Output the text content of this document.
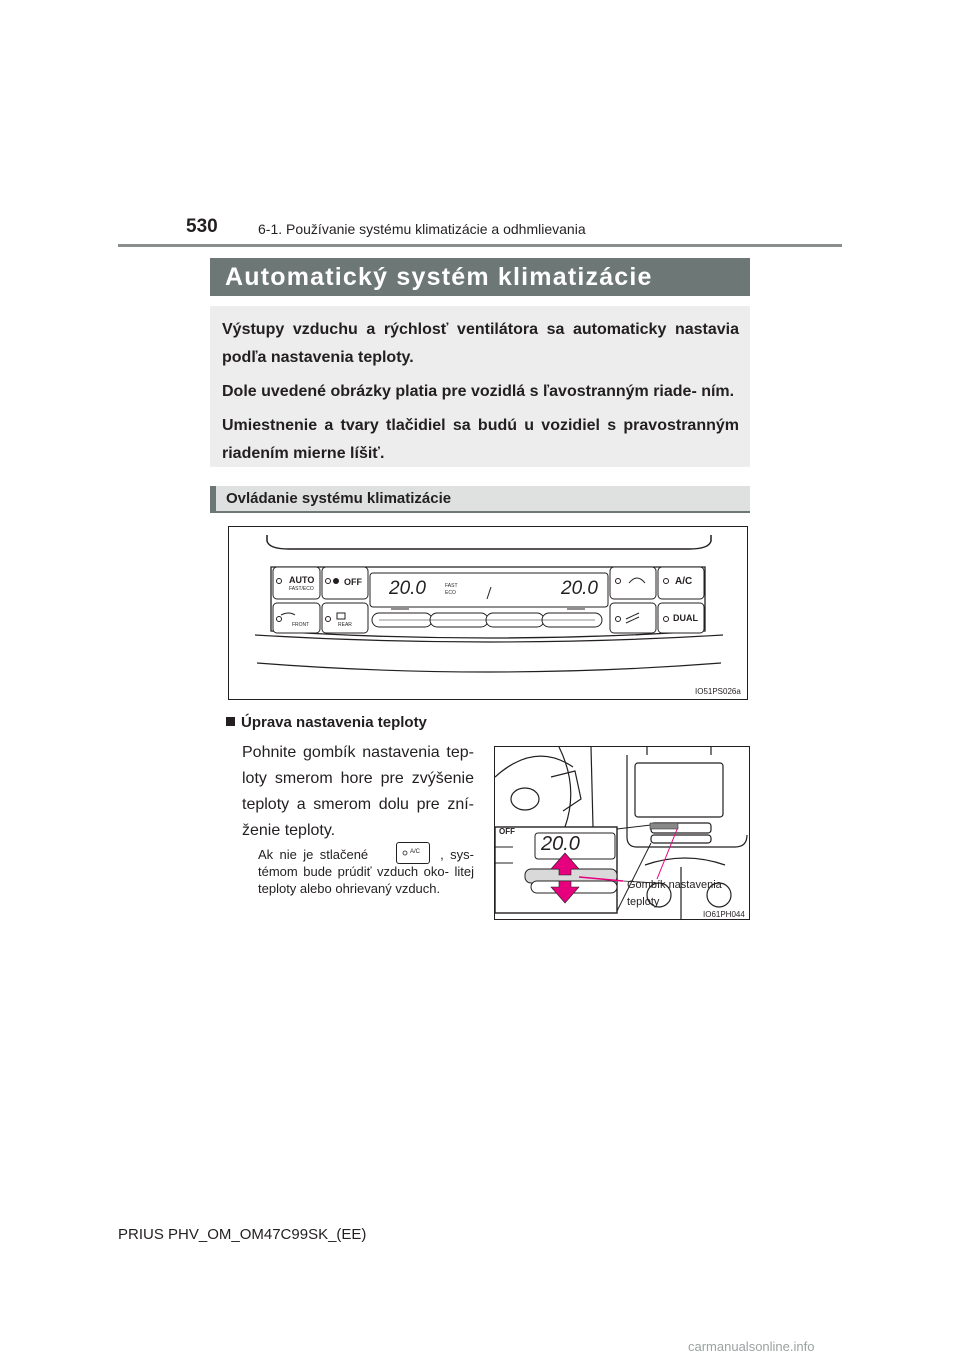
530	6-1. Používanie systému klimatizácie a odhmlievania
Automatický systém klimatizácie

Výstupy vzduchu a rýchlosť ventilátora sa automaticky nastavia podľa nastavenia teploty.

Dole uvedené obrázky platia pre vozidlá s ľavostranným riade- ním.

Umiestnenie a tvary tlačidiel sa budú u vozidiel s pravostranným riadením mierne líšiť.

Ovládanie systému klimatizácie
AUTO
FAST/ECO
OFF
FRONT	REAR
A/C
DUAL
20.0	20.0
FAST
ECO
IO51PS026a
Úprava nastavenia teploty
Pohnite gombík nastavenia tep- loty smerom hore pre zvýšenie teploty a smerom dolu pre zní- ženie teploty.
Ak nie je stlačené	, sys- témom bude prúdiť vzduch oko- litej teploty alebo ohrievaný vzduch.
A/C	20.0
OFF
Gombík nastavenia teploty
IO61PH044
PRIUS PHV_OM_OM47C99SK_(EE)
carmanualsonline.info
